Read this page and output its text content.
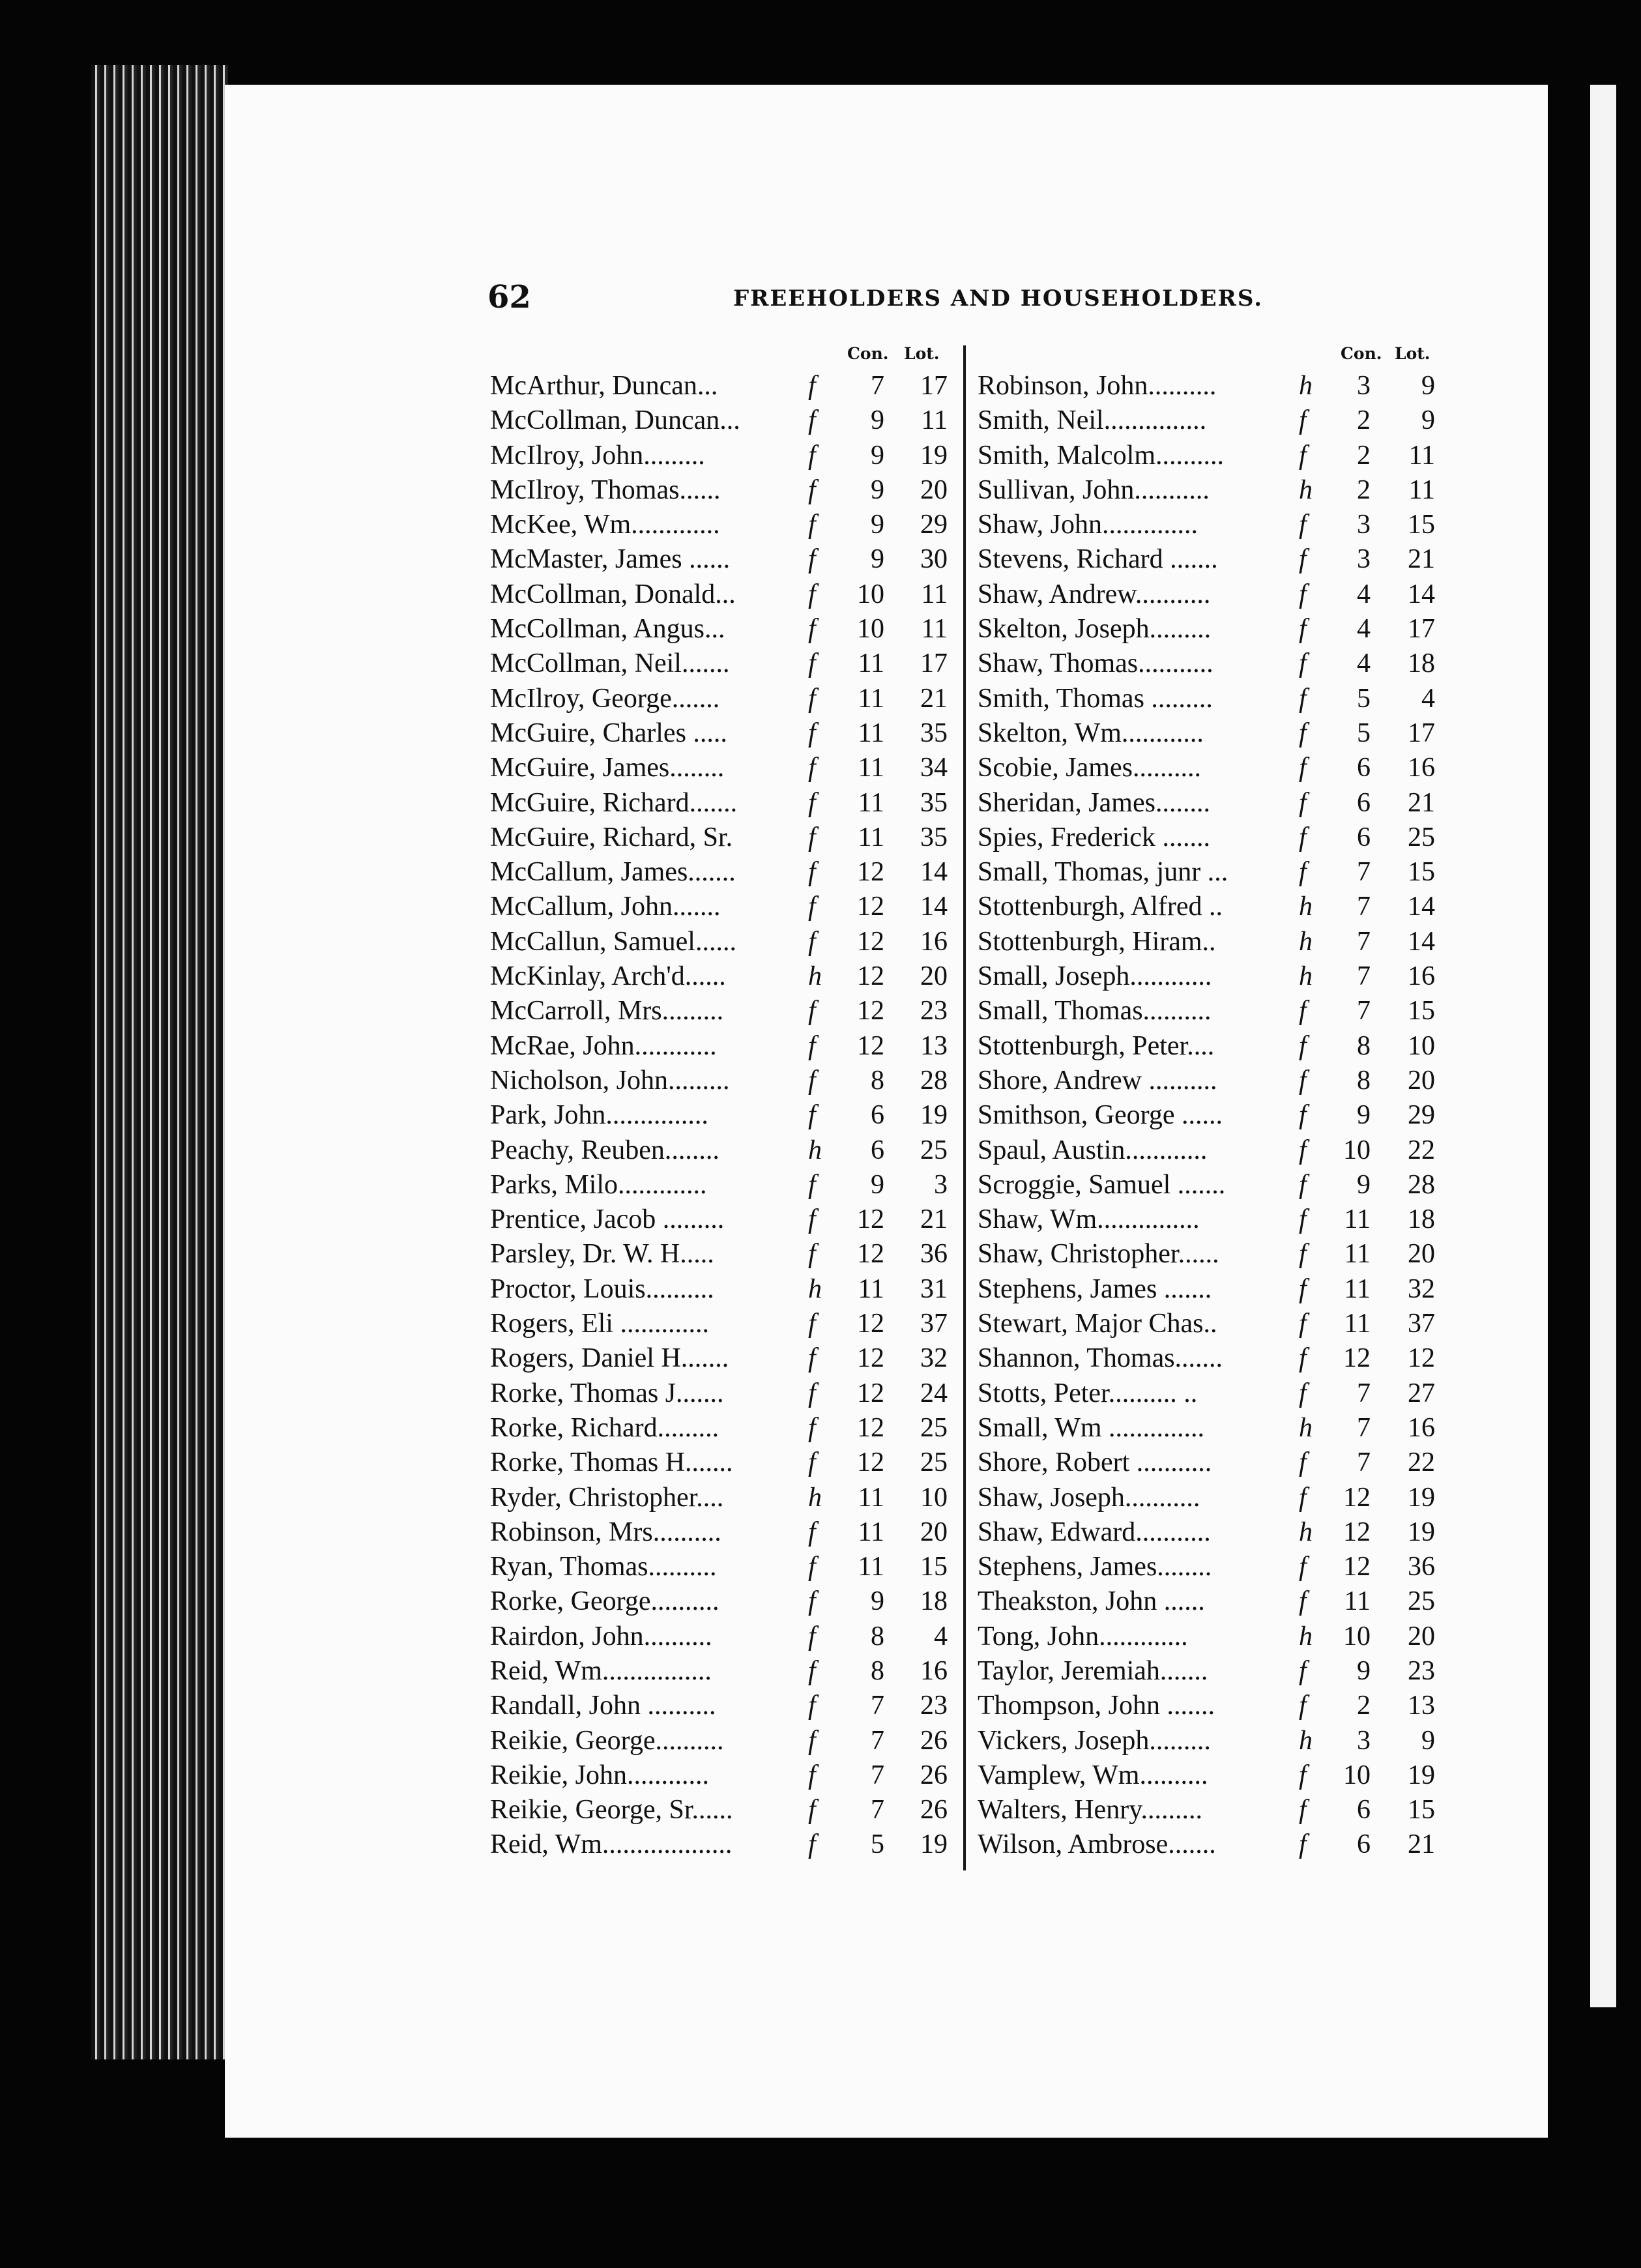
62	FREEHOLDERS AND HOUSEHOLDERS.
Con. Lot.	Con. Lot.
McArthur, Duncan...	f	7	17
McCollman, Duncan...	f	9	11
McIlroy, John.........	f	9	19
McIlroy, Thomas......	f	9	20
McKee, Wm.............	f	9	29
McMaster, James ......	f	9	30
McCollman, Donald...	f	10	11
McCollman, Angus...	f	10	11
McCollman, Neil.......	f	11	17
McIlroy, George.......	f	11	21
McGuire, Charles .....	f	11	35
McGuire, James........	f	11	34
McGuire, Richard.......	f	11	35
McGuire, Richard, Sr.	f	11	35
McCallum, James.......	f	12	14
McCallum, John.......	f	12	14
McCallun, Samuel......	f	12	16
McKinlay, Arch'd......	h	12	20
McCarroll, Mrs.........	f	12	23
McRae, John............	f	12	13
Nicholson, John.........	f	8	28
Park, John...............	f	6	19
Peachy, Reuben........	h	6	25
Parks, Milo.............	f	9	3
Prentice, Jacob .........	f	12	21
Parsley, Dr. W. H.....	f	12	36
Proctor, Louis..........	h	11	31
Rogers, Eli .............	f	12	37
Rogers, Daniel H.......	f	12	32
Rorke, Thomas J.......	f	12	24
Rorke, Richard.........	f	12	25
Rorke, Thomas H.......	f	12	25
Ryder, Christopher....	h	11	10
Robinson, Mrs..........	f	11	20
Ryan, Thomas..........	f	11	15
Rorke, George..........	f	9	18
Rairdon, John..........	f	8	4
Reid, Wm................	f	8	16
Randall, John ..........	f	7	23
Reikie, George..........	f	7	26
Reikie, John............	f	7	26
Reikie, George, Sr......	f	7	26
Reid, Wm...................	f	5	19
Robinson, John..........	h	3	9
Smith, Neil...............	f	2	9
Smith, Malcolm..........	f	2	11
Sullivan, John...........	h	2	11
Shaw, John..............	f	3	15
Stevens, Richard .......	f	3	21
Shaw, Andrew...........	f	4	14
Skelton, Joseph.........	f	4	17
Shaw, Thomas...........	f	4	18
Smith, Thomas .........	f	5	4
Skelton, Wm............	f	5	17
Scobie, James..........	f	6	16
Sheridan, James........	f	6	21
Spies, Frederick .......	f	6	25
Small, Thomas, junr ...	f	7	15
Stottenburgh, Alfred ..	h	7	14
Stottenburgh, Hiram..	h	7	14
Small, Joseph............	h	7	16
Small, Thomas..........	f	7	15
Stottenburgh, Peter....	f	8	10
Shore, Andrew ..........	f	8	20
Smithson, George ......	f	9	29
Spaul, Austin............	f	10	22
Scroggie, Samuel .......	f	9	28
Shaw, Wm...............	f	11	18
Shaw, Christopher......	f	11	20
Stephens, James .......	f	11	32
Stewart, Major Chas..	f	11	37
Shannon, Thomas.......	f	12	12
Stotts, Peter.......... ..	f	7	27
Small, Wm ..............	h	7	16
Shore, Robert ...........	f	7	22
Shaw, Joseph...........	f	12	19
Shaw, Edward...........	h	12	19
Stephens, James........	f	12	36
Theakston, John ......	f	11	25
Tong, John.............	h	10	20
Taylor, Jeremiah.......	f	9	23
Thompson, John .......	f	2	13
Vickers, Joseph.........	h	3	9
Vamplew, Wm..........	f	10	19
Walters, Henry.........	f	6	15
Wilson, Ambrose.......	f	6	21
